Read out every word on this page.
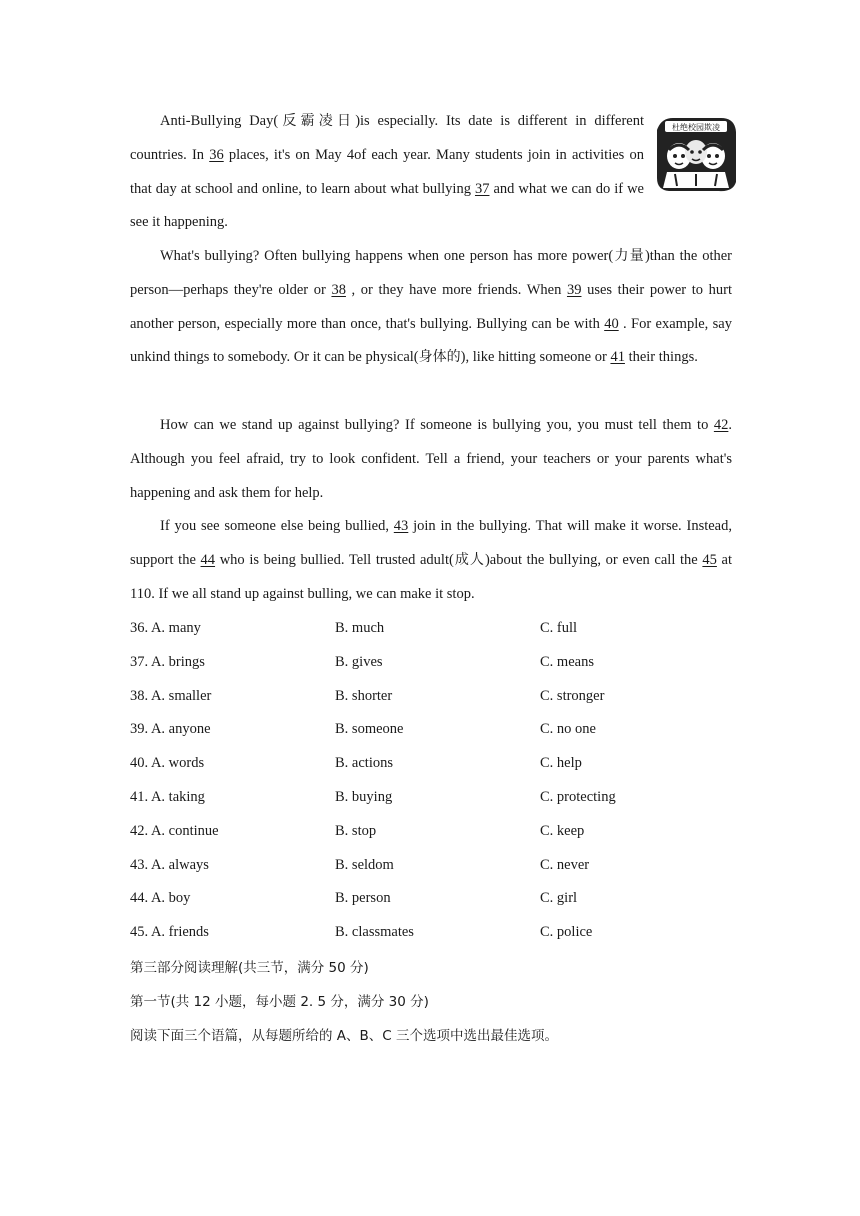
Anti-Bullying Day(反霸凌日)is especially. Its date is different in different countries. In 36 places, it's on May 4of each year. Many students join in activities on that day at school and online, to learn about what bullying 37 and what we can do if we see it happening.

杜绝校园欺凌

What's bullying? Often bullying happens when one person has more power(力量)than the other person—perhaps they're older or 38 , or they have more friends. When 39 uses their power to hurt another person, especially more than once, that's bullying. Bullying can be with 40 . For example, say unkind things to somebody. Or it can be physical(身体的), like hitting someone or 41 their things.

How can we stand up against bullying? If someone is bullying you, you must tell them to 42. Although you feel afraid, try to look confident. Tell a friend, your teachers or your parents what's happening and ask them for help.

If you see someone else being bullied, 43 join in the bullying. That will make it worse. Instead, support the 44 who is being bullied. Tell trusted adult(成人)about the bullying, or even call the 45 at 110. If we all stand up against bulling, we can make it stop.

36. A. many	B. much	C. full
37. A. brings	B. gives	C. means
38. A. smaller	B. shorter	C. stronger
39. A. anyone	B. someone	C. no one
40. A. words	B. actions	C. help
41. A. taking	B. buying	C. protecting
42. A. continue	B. stop	C. keep
43. A. always	B. seldom	C. never
44. A. boy	B. person	C. girl
45. A. friends	B. classmates	C. police
第三部分阅读理解(共三节，满分 50 分)
第一节(共 12 小题，每小题 2. 5 分，满分 30 分)
阅读下面三个语篇，从每题所给的 A、B、C 三个选项中选出最佳选项。
